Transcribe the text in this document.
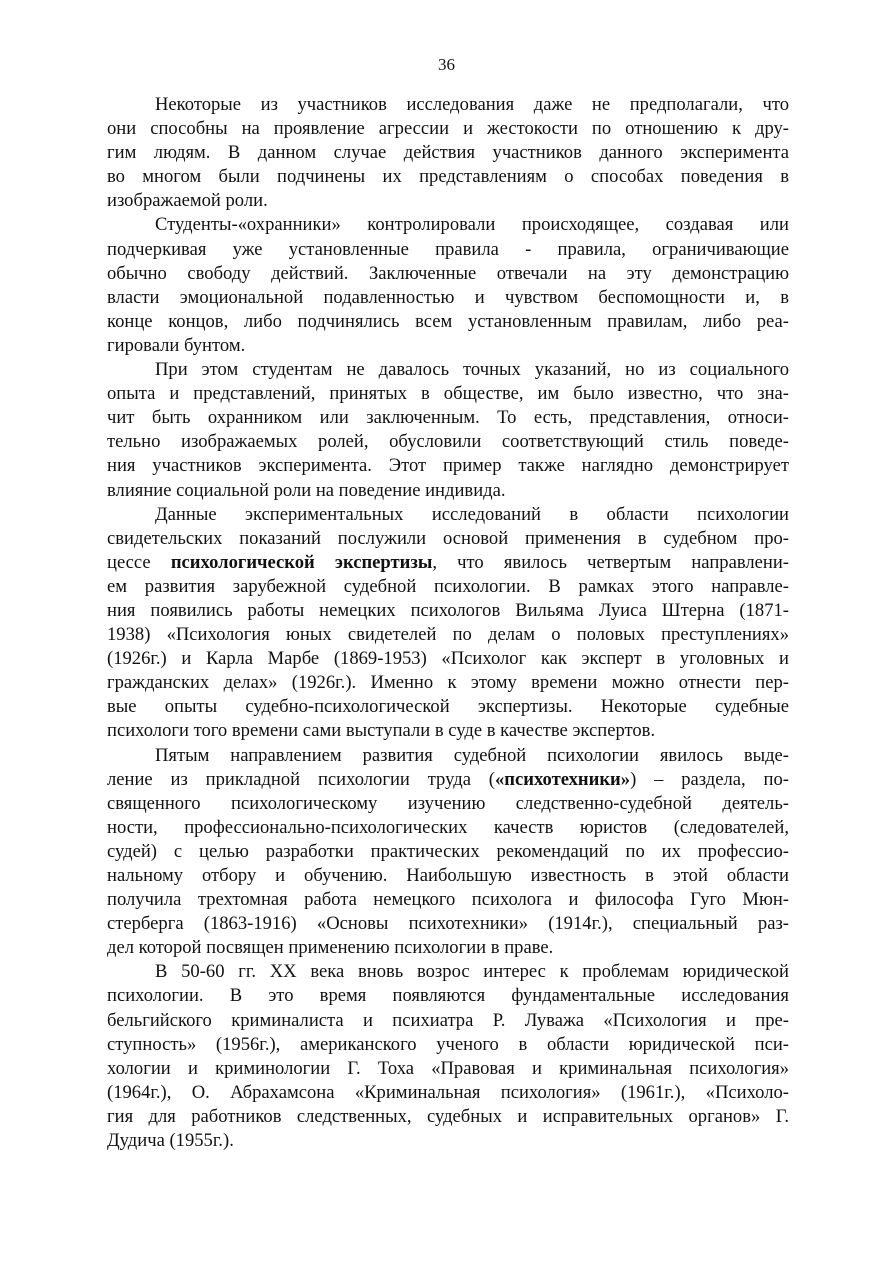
36
Некоторые из участников исследования даже не предполагали, что
они способны на проявление агрессии и жестокости по отношению к дру-
гим людям. В данном случае действия участников данного эксперимента
во многом были подчинены их представлениям о способах поведения в
изображаемой роли.
Студенты-«охранники» контролировали происходящее, создавая или
подчеркивая уже установленные правила - правила, ограничивающие
обычно свободу действий. Заключенные отвечали на эту демонстрацию
власти эмоциональной подавленностью и чувством беспомощности и, в
конце концов, либо подчинялись всем установленным правилам, либо реа-
гировали бунтом.
При этом студентам не давалось точных указаний, но из социального
опыта и представлений, принятых в обществе, им было известно, что зна-
чит быть охранником или заключенным. То есть, представления, относи-
тельно изображаемых ролей, обусловили соответствующий стиль поведе-
ния участников эксперимента. Этот пример также наглядно демонстрирует
влияние социальной роли на поведение индивида.
Данные экспериментальных исследований в области психологии
свидетельских показаний послужили основой применения в судебном про-
цессе психологической экспертизы, что явилось четвертым направлени-
ем развития зарубежной судебной психологии. В рамках этого направле-
ния появились работы немецких психологов Вильяма Луиса Штерна (1871-
1938) «Психология юных свидетелей по делам о половых преступлениях»
(1926г.) и Карла Марбе (1869-1953) «Психолог как эксперт в уголовных и
гражданских делах» (1926г.). Именно к этому времени можно отнести пер-
вые опыты судебно-психологической экспертизы. Некоторые судебные
психологи того времени сами выступали в суде в качестве экспертов.
Пятым направлением развития судебной психологии явилось выде-
ление из прикладной психологии труда («психотехники») – раздела, по-
священного психологическому изучению следственно-судебной деятель-
ности, профессионально-психологических качеств юристов (следователей,
судей) с целью разработки практических рекомендаций по их профессио-
нальному отбору и обучению. Наибольшую известность в этой области
получила трехтомная работа немецкого психолога и философа Гуго Мюн-
стерберга (1863-1916) «Основы психотехники» (1914г.), специальный раз-
дел которой посвящен применению психологии в праве.
В 50-60 гг. XX века вновь возрос интерес к проблемам юридической
психологии. В это время появляются фундаментальные исследования
бельгийского криминалиста и психиатра Р. Луважа «Психология и пре-
ступность» (1956г.), американского ученого в области юридической пси-
хологии и криминологии Г. Тоха «Правовая и криминальная психология»
(1964г.), О. Абрахамсона «Криминальная психология» (1961г.), «Психоло-
гия для работников следственных, судебных и исправительных органов» Г.
Дудича (1955г.).
